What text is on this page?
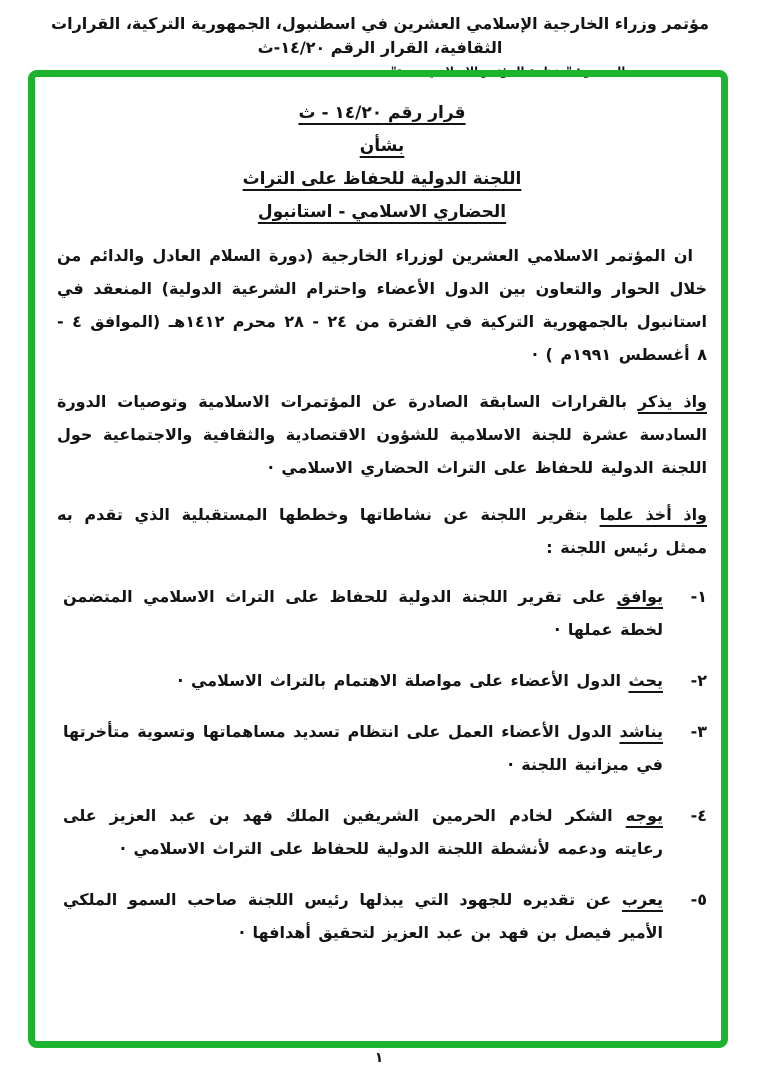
مؤتمر وزراء الخارجية الإسلامي العشرين في اسطنبول، الجمهورية التركية، القرارات الثقافية، القرار الرقم ١٤/٢٠-ث
المصدر : "منظمة المؤتمر الاسلامي، جدة"
قرار رقم ١٤/٢٠ - ث
بشأن
اللجنة الدولية للحفاظ على التراث
الحضاري الاسلامي - استانبول

ان المؤتمر الاسلامي العشرين لوزراء الخارجية (دورة السلام العادل والدائم من خلال الحوار والتعاون بين الدول الأعضاء واحترام الشرعية الدولية) المنعقد في استانبول بالجمهورية التركية في الفترة من ٢٤ - ٢٨ محرم ١٤١٢هـ (الموافق ٤ - ٨ أغسطس ١٩٩١م ) ·

واذ يذكر بالقرارات السابقة الصادرة عن المؤتمرات الاسلامية وتوصيات الدورة السادسة عشرة للجنة الاسلامية للشؤون الاقتصادية والثقافية والاجتماعية حول اللجنة الدولية للحفاظ على التراث الحضاري الاسلامي ·

واذ أخذ علما بتقرير اللجنة عن نشاطاتها وخططها المستقبلية الذي تقدم به ممثل رئيس اللجنة :

١-
يوافق على تقرير اللجنة الدولية للحفاظ على التراث الاسلامي المتضمن لخطة عملها ·
٢-
يحث الدول الأعضاء على مواصلة الاهتمام بالتراث الاسلامي ·
٣-
يناشد الدول الأعضاء العمل على انتظام تسديد مساهماتها وتسوية متأخرتها في ميزانية اللجنة ·
٤-
يوجه الشكر لخادم الحرمين الشريفين الملك فهد بن عبد العزيز على رعايته ودعمه لأنشطة اللجنة الدولية للحفاظ على التراث الاسلامي ·
٥-
يعرب عن تقديره للجهود التي يبذلها رئيس اللجنة صاحب السمو الملكي الأمير فيصل بن فهد بن عبد العزيز لتحقيق أهدافها ·
١
